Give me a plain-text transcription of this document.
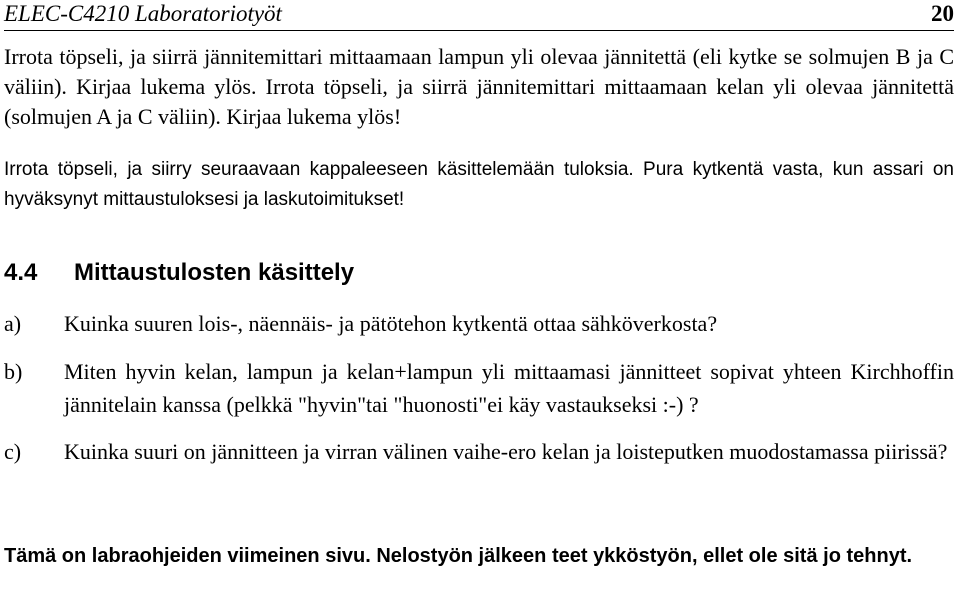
ELEC-C4210 Laboratoriotyöt	20

Irrota töpseli, ja siirrä jännitemittari mittaamaan lampun yli olevaa jännitettä (eli kytke se solmujen B ja C väliin). Kirjaa lukema ylös. Irrota töpseli, ja siirrä jännitemittari mittaamaan kelan yli olevaa jännitettä (solmujen A ja C väliin). Kirjaa lukema ylös!

Irrota töpseli, ja siirry seuraavaan kappaleeseen käsittelemään tuloksia. Pura kytkentä vasta, kun assari on hyväksynyt mittaustuloksesi ja laskutoimitukset!

4.4 Mittaustulosten käsittely
a) Kuinka suuren lois-, näennäis- ja pätötehon kytkentä ottaa sähköverkosta?
b) Miten hyvin kelan, lampun ja kelan+lampun yli mittaamasi jännitteet sopivat yhteen Kirchhoffin jännitelain kanssa (pelkkä "hyvin"tai "huonosti"ei käy vastaukseksi :-) ?
c) Kuinka suuri on jännitteen ja virran välinen vaihe-ero kelan ja loisteputken muodostamassa piirissä?

Tämä on labraohjeiden viimeinen sivu. Nelostyön jälkeen teet ykköstyön, ellet ole sitä jo tehnyt.
